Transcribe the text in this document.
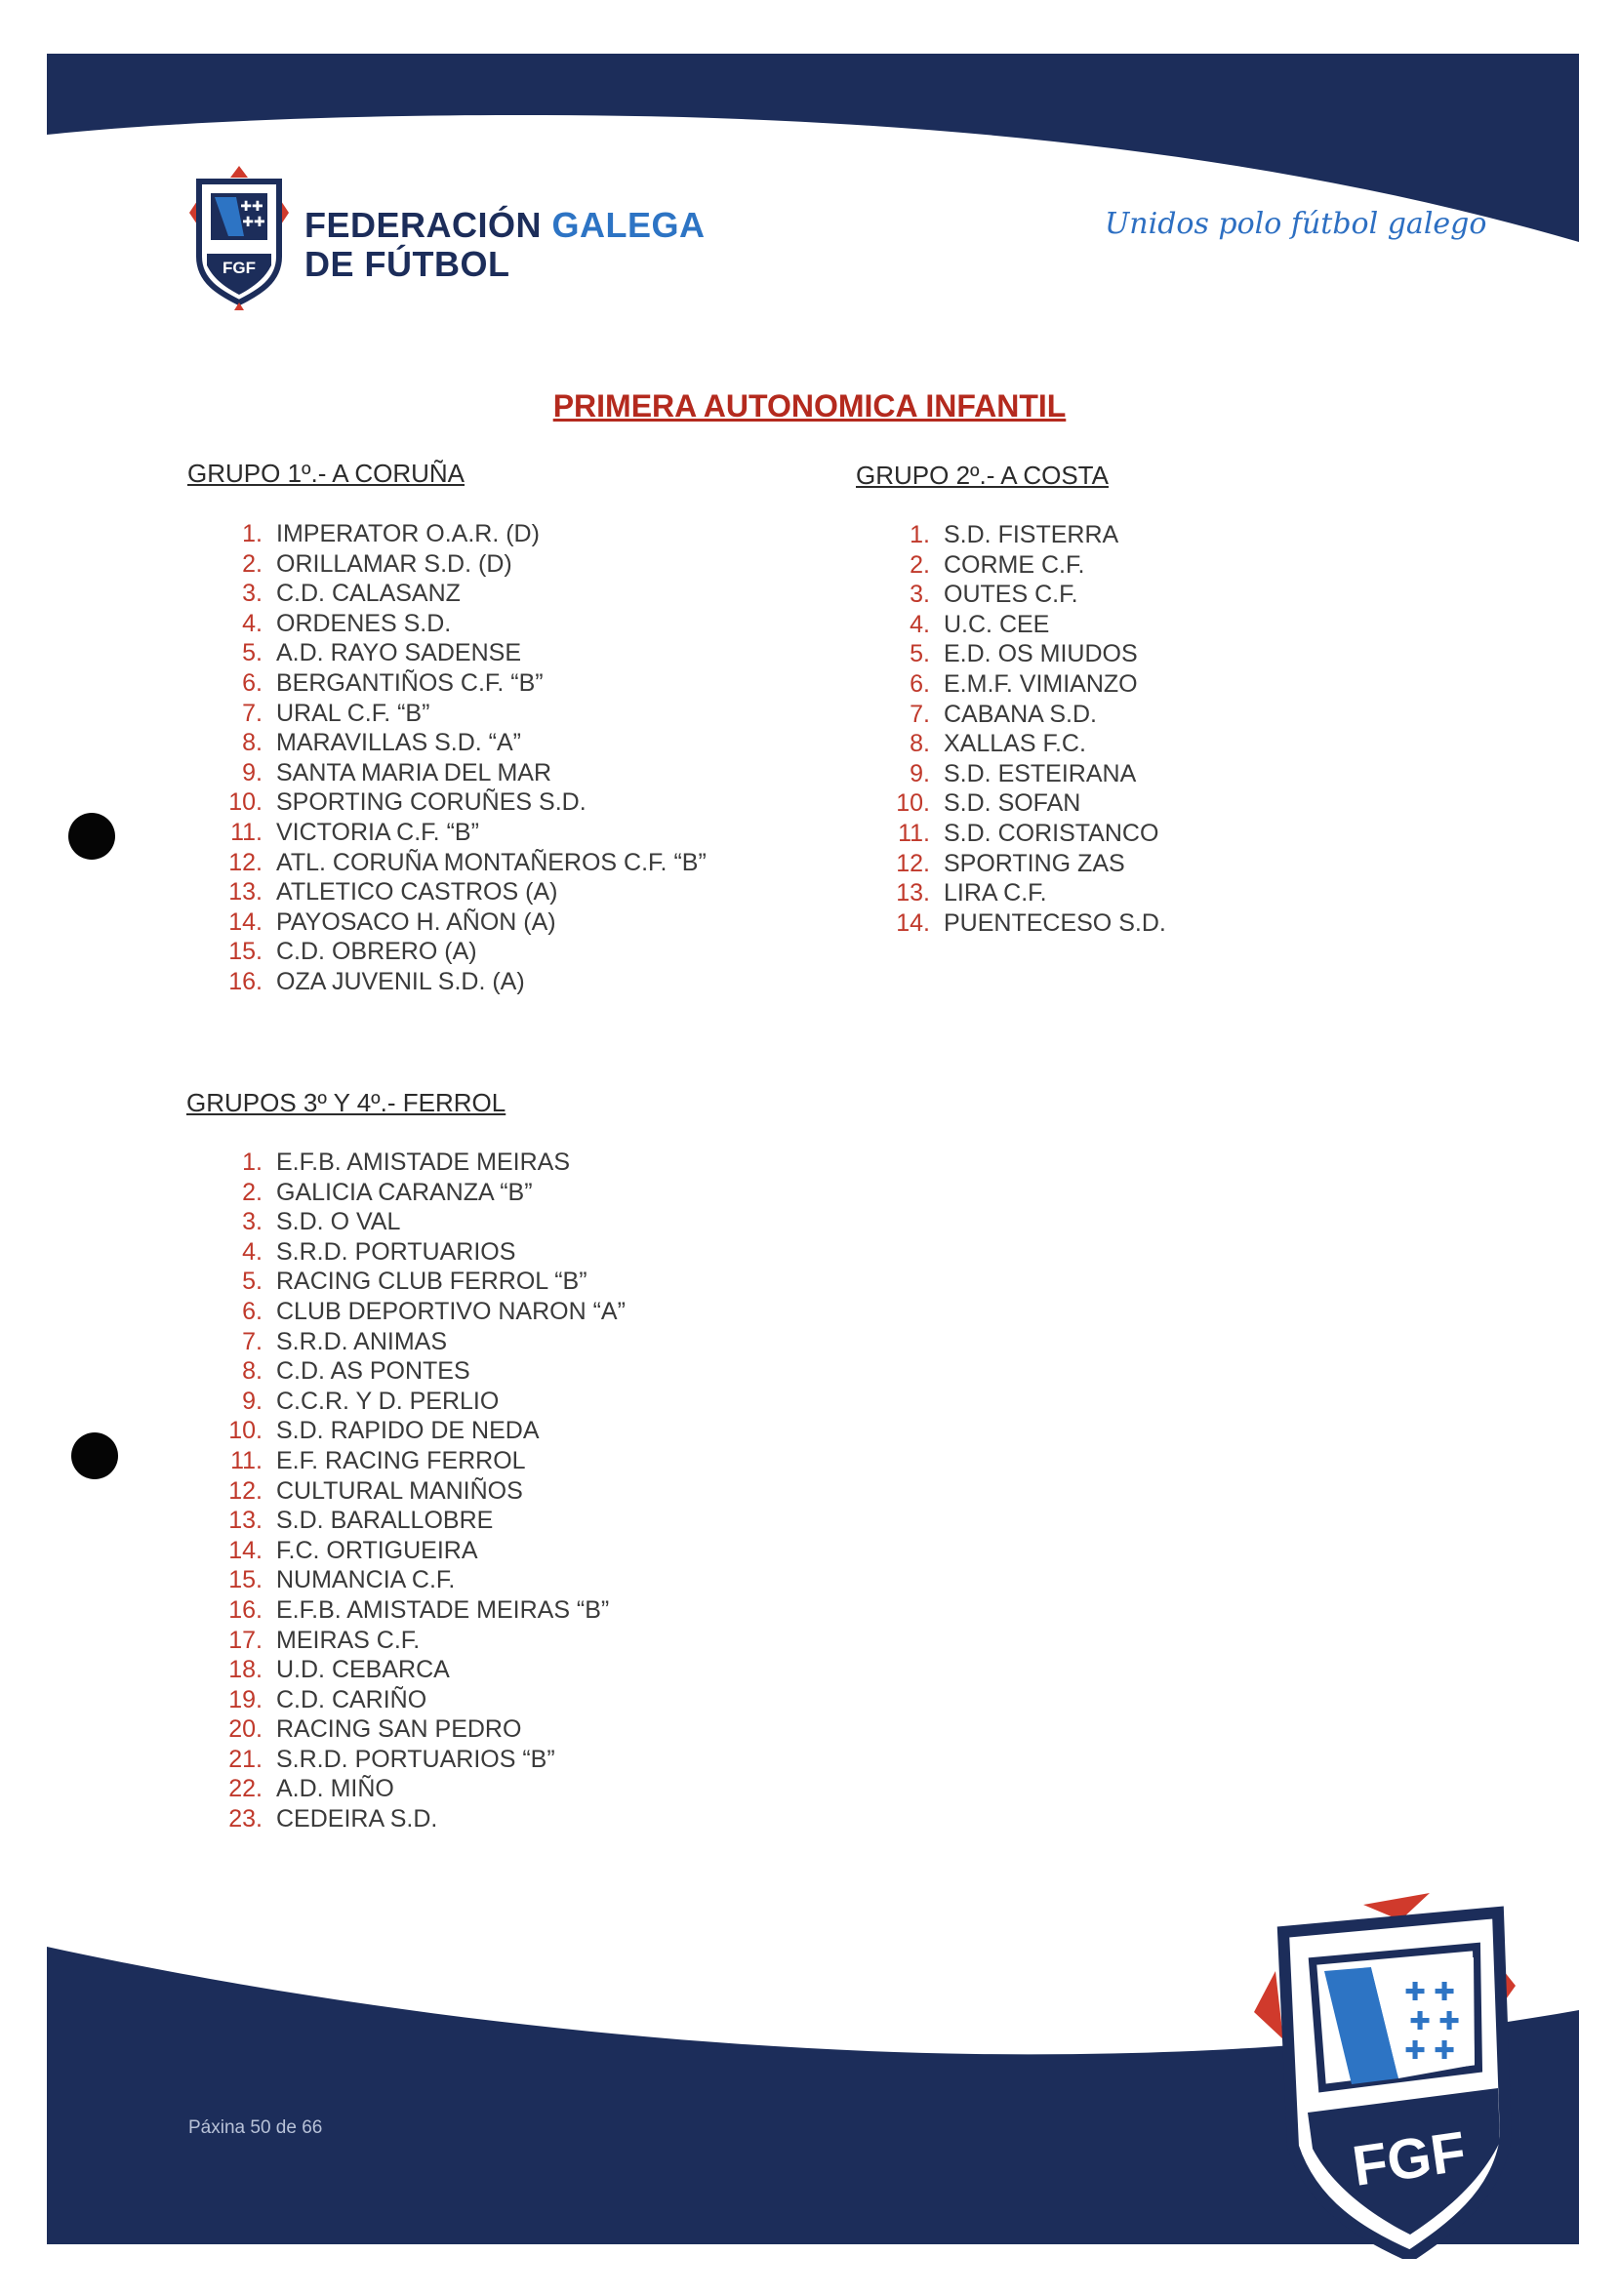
✚✚
✚✚
FGF
FEDERACIÓN GALEGA
DE FÚTBOL
Unidos polo fútbol galego
PRIMERA AUTONOMICA INFANTIL
GRUPO 1º.- A CORUÑA
1. IMPERATOR O.A.R. (D)
2. ORILLAMAR S.D. (D)
3. C.D. CALASANZ
4. ORDENES S.D.
5. A.D. RAYO SADENSE
6. BERGANTIÑOS C.F. “B”
7. URAL C.F. “B”
8. MARAVILLAS S.D. “A”
9. SANTA MARIA DEL MAR
10. SPORTING CORUÑES S.D.
11. VICTORIA C.F. “B”
12. ATL. CORUÑA MONTAÑEROS C.F. “B”
13. ATLETICO CASTROS (A)
14. PAYOSACO H. AÑON (A)
15. C.D. OBRERO (A)
16. OZA JUVENIL S.D. (A)
GRUPO 2º.- A COSTA
1. S.D. FISTERRA
2. CORME C.F.
3. OUTES C.F.
4. U.C. CEE
5. E.D. OS MIUDOS
6. E.M.F. VIMIANZO
7. CABANA S.D.
8. XALLAS F.C.
9. S.D. ESTEIRANA
10. S.D. SOFAN
11. S.D. CORISTANCO
12. SPORTING ZAS
13. LIRA C.F.
14. PUENTECESO S.D.
GRUPOS 3º Y 4º.- FERROL
1. E.F.B. AMISTADE MEIRAS
2. GALICIA CARANZA “B”
3. S.D. O VAL
4. S.R.D. PORTUARIOS
5. RACING CLUB FERROL “B”
6. CLUB DEPORTIVO NARON “A”
7. S.R.D. ANIMAS
8. C.D. AS PONTES
9. C.C.R. Y D. PERLIO
10. S.D. RAPIDO DE NEDA
11. E.F. RACING FERROL
12. CULTURAL MANIÑOS
13. S.D. BARALLOBRE
14. F.C. ORTIGUEIRA
15. NUMANCIA C.F.
16. E.F.B. AMISTADE MEIRAS “B”
17. MEIRAS C.F.
18. U.D. CEBARCA
19. C.D. CARIÑO
20. RACING SAN PEDRO
21. S.R.D. PORTUARIOS “B”
22. A.D. MIÑO
23. CEDEIRA S.D.
Páxina 50 de 66
✚ ✚
✚ ✚
✚ ✚
FGF
